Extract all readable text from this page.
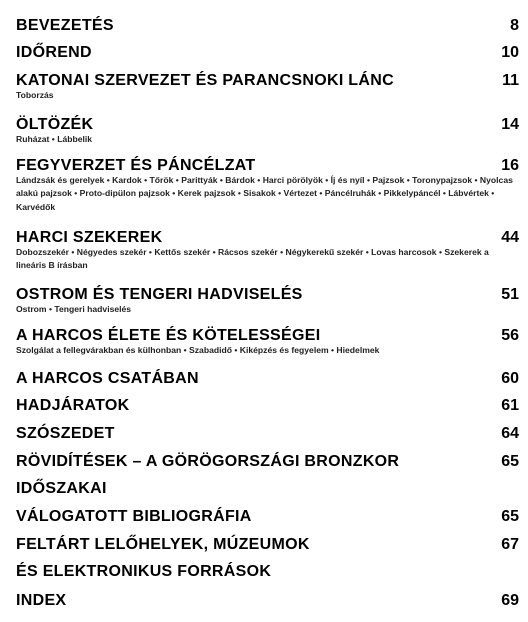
BEVEZETÉS	8
IDŐREND	10
KATONAI SZERVEZET ÉS PARANCSNOKI LÁNC	11
Toborzás
ÖLTÖZÉK	14
Ruházat • Lábbelik
FEGYVERZET ÉS PÁNCÉLZAT	16
Lándzsák és gerelyek • Kardok • Tőrök • Parittyák • Bárdok • Harci pörölyök • Íj és nyíl • Pajzsok • Toronypajzsok • Nyolcas alakú pajzsok • Proto-dipülon pajzsok • Kerek pajzsok • Sisakok • Vértezet • Páncélruhák • Pikkelypáncél • Lábvértek • Karvédők
HARCI SZEKEREK	44
Dobozszekér • Négyedes szekér • Kettős szekér • Rácsos szekér • Négykerekű szekér • Lovas harcosok • Szekerek a lineáris B írásban
OSTROM ÉS TENGERI HADVISELÉS	51
Ostrom • Tengeri hadviselés
A HARCOS ÉLETE ÉS KÖTELESSÉGEI	56
Szolgálat a fellegvárakban és külhonban • Szabadidő • Kiképzés és fegyelem • Hiedelmek
A HARCOS CSATÁBAN	60
HADJÁRATOK	61
SZÓSZEDET	64
RÖVIDÍTÉSEK – A GÖRÖGORSZÁGI BRONZKOR	65
IDŐSZAKAI
VÁLOGATOTT BIBLIOGRÁFIA	65
FELTÁRT LELŐHELYEK, MÚZEUMOK	67
ÉS ELEKTRONIKUS FORRÁSOK
INDEX	69
